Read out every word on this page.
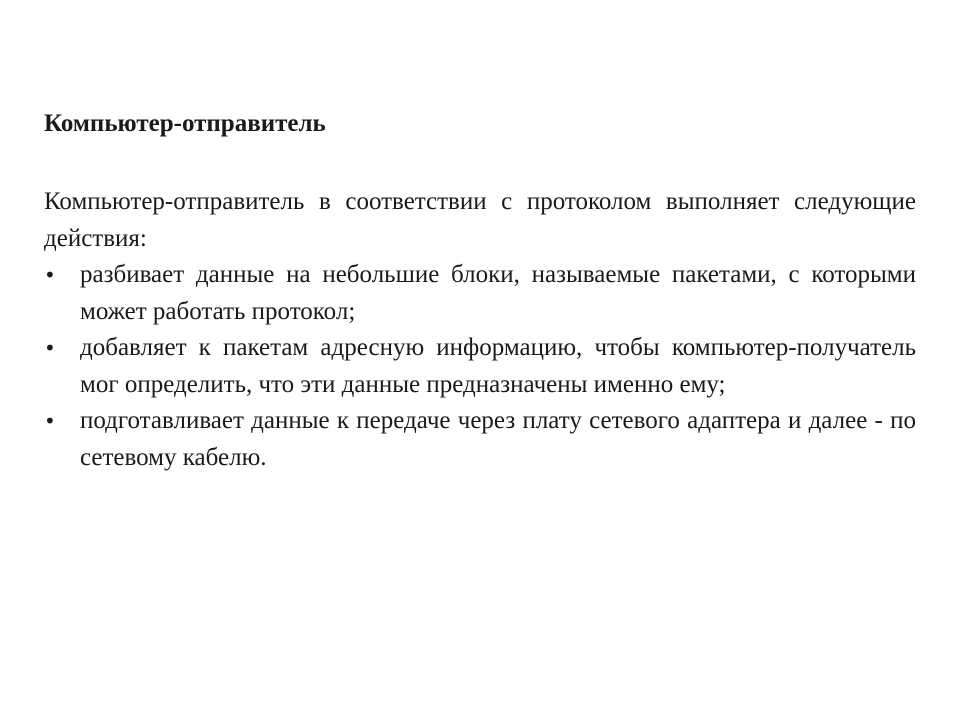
Компьютер-отправитель

Компьютер-отправитель в соответствии с протоколом выполняет следующие действия:

• разбивает данные на небольшие блоки, называемые пакетами, с которыми может работать протокол;
• добавляет к пакетам адресную информацию, чтобы компьютер-получатель мог определить, что эти данные предназначены именно ему;
• подготавливает данные к передаче через плату сетевого адаптера и далее - по сетевому кабелю.
